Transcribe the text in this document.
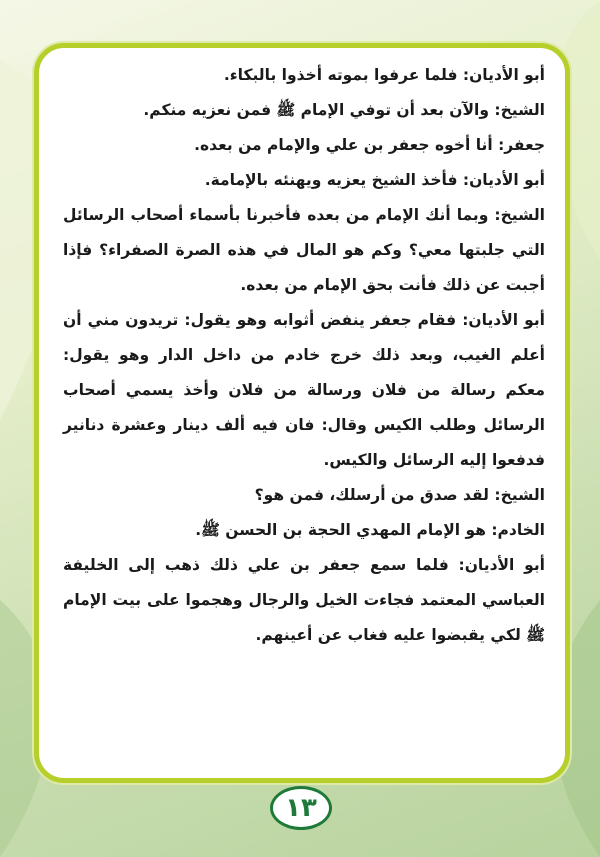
أبو الأديان: فلما عرفوا بموته أخذوا بالبكاء.

الشيخ: والآن بعد أن توفي الإمام ﷺ فمن نعزيه منكم.

جعفر: أنا أخوه جعفر بن علي والإمام من بعده.

أبو الأديان: فأخذ الشيخ يعزيه ويهنئه بالإمامة.

الشيخ: وبما أنك الإمام من بعده فأخبرنا بأسماء أصحاب الرسائل التي جلبتها معي؟ وكم هو المال في هذه الصرة الصفراء؟ فإذا أجبت عن ذلك فأنت بحق الإمام من بعده.

أبو الأديان: فقام جعفر ينفض أثوابه وهو يقول: تريدون مني أن أعلم الغيب، وبعد ذلك خرج خادم من داخل الدار وهو يقول: معكم رسالة من فلان ورسالة من فلان وأخذ يسمي أصحاب الرسائل وطلب الكيس وقال: فان فيه ألف دينار وعشرة دنانير فدفعوا إليه الرسائل والكيس.

الشيخ: لقد صدق من أرسلك، فمن هو؟

الخادم: هو الإمام المهدي الحجة بن الحسن ﷺ.

أبو الأديان: فلما سمع جعفر بن علي ذلك ذهب إلى الخليفة العباسي المعتمد فجاءت الخيل والرجال وهجموا على بيت الإمام ﷺ لكي يقبضوا عليه فغاب عن أعينهم.

١٣
